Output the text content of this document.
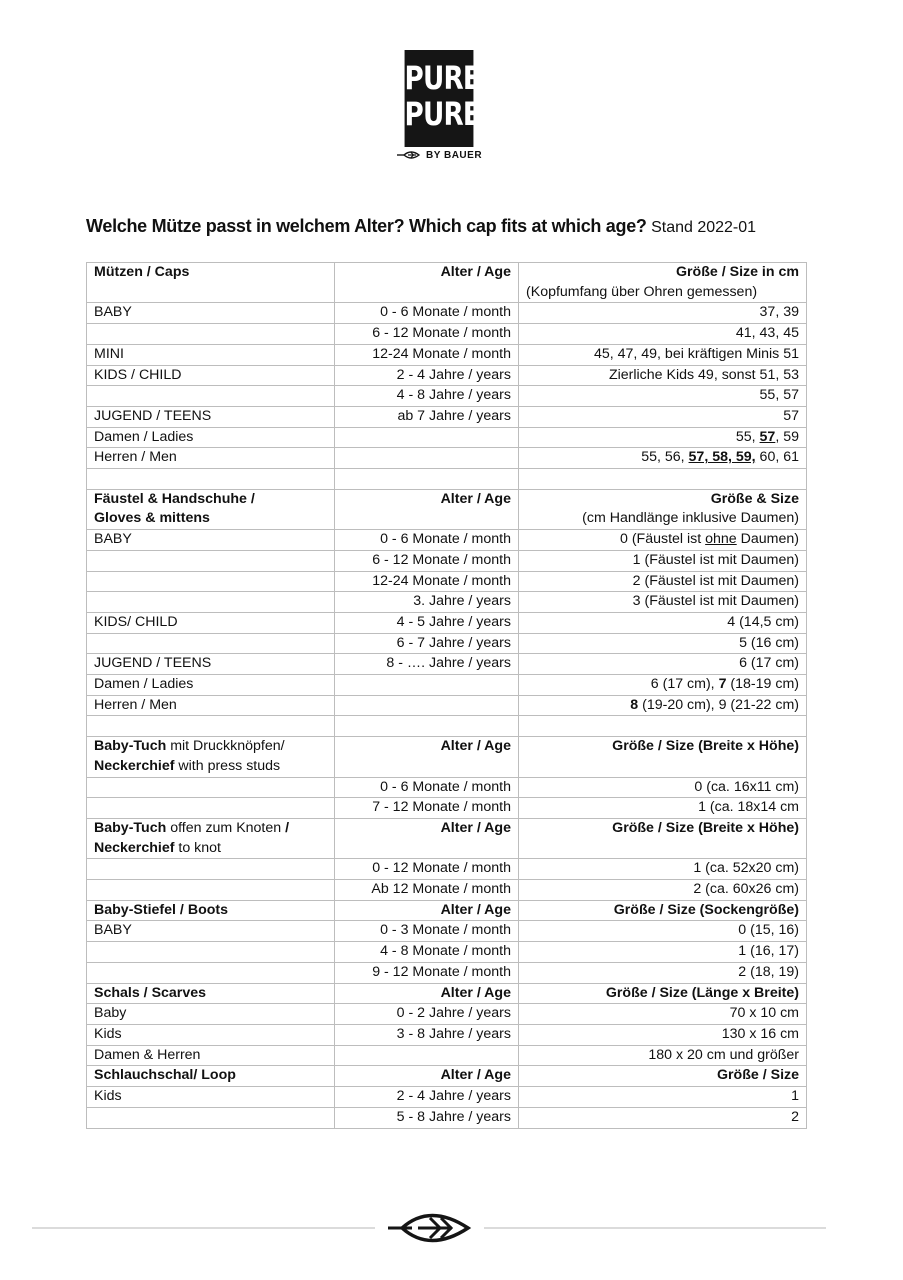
PURE
PURE
BY BAUER
Welche Mütze passt in welchem Alter? Which cap fits at which age? Stand 2022-01
Mützen / Caps	Alter / Age	Größe / Size in cm
		(Kopfumfang über Ohren gemessen)
BABY	0 - 6 Monate / month	37, 39
	6 - 12 Monate / month	41, 43, 45
MINI	12-24 Monate / month	45, 47, 49, bei kräftigen Minis 51
KIDS / CHILD	2 - 4 Jahre / years	Zierliche Kids 49, sonst 51, 53
	4 - 8 Jahre / years	55, 57
JUGEND / TEENS	ab 7 Jahre / years	57
Damen / Ladies		55, 57, 59
Herren / Men		55, 56, 57, 58, 59, 60, 61

Fäustel & Handschuhe /
Gloves & mittens	Alter / Age	Größe & Size
		(cm Handlänge inklusive Daumen)
BABY	0 - 6 Monate / month	0 (Fäustel ist ohne Daumen)
	6 - 12 Monate / month	1 (Fäustel ist mit Daumen)
	12-24 Monate / month	2 (Fäustel ist mit Daumen)
	3. Jahre / years	3 (Fäustel ist mit Daumen)
KIDS/ CHILD	4 - 5 Jahre / years	4 (14,5 cm)
	6 - 7 Jahre / years	5 (16 cm)
JUGEND / TEENS	8 - …. Jahre / years	6 (17 cm)
Damen / Ladies		6 (17 cm), 7 (18-19 cm)
Herren / Men		8 (19-20 cm), 9 (21-22 cm)

Baby-Tuch mit Druckknöpfen/
Neckerchief with press studs	Alter / Age	Größe / Size (Breite x Höhe)

	0 - 6 Monate / month	0 (ca. 16x11 cm)
	7 - 12 Monate / month	1 (ca. 18x14 cm
Baby-Tuch offen zum Knoten /
Neckerchief to knot	Alter / Age	Größe / Size (Breite x Höhe)

	0 - 12 Monate / month	1 (ca. 52x20 cm)
	Ab 12 Monate / month	2 (ca. 60x26 cm)
Baby-Stiefel / Boots	Alter / Age	Größe / Size (Sockengröße)
BABY	0 - 3 Monate / month	0 (15, 16)
	4 - 8 Monate / month	1 (16, 17)
	9 - 12 Monate / month	2 (18, 19)
Schals / Scarves	Alter / Age	Größe / Size (Länge x Breite)
Baby	0 - 2 Jahre / years	70 x 10 cm
Kids	3 - 8 Jahre / years	130 x 16 cm
Damen & Herren		180 x 20 cm und größer
Schlauchschal/ Loop	Alter / Age	Größe / Size
Kids	2 - 4 Jahre / years	1
	5 - 8 Jahre / years	2
